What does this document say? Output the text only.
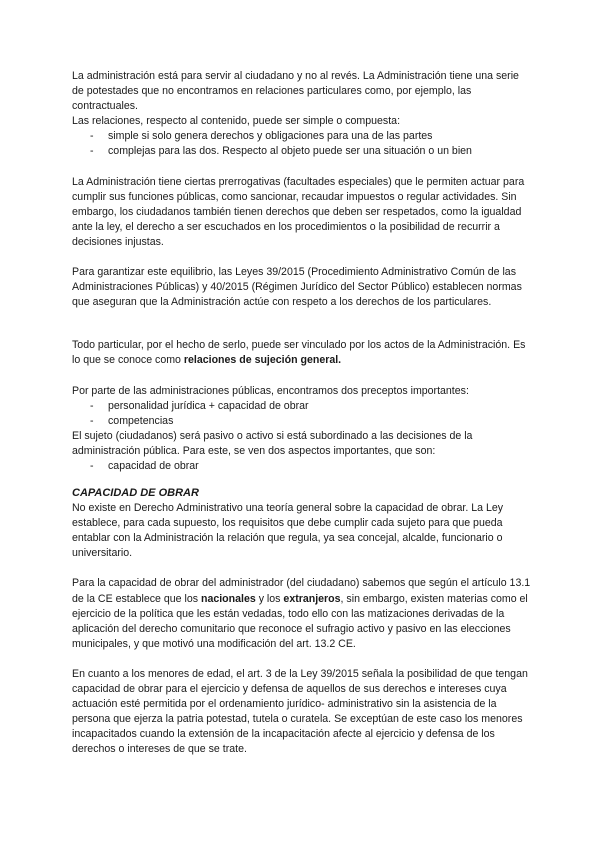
La administración está para servir al ciudadano y no al revés. La Administración tiene una serie de potestades que no encontramos en relaciones particulares como, por ejemplo, las contractuales.

Las relaciones, respecto al contenido, puede ser simple o compuesta:

- simple si solo genera derechos y obligaciones para una de las partes
- complejas para las dos. Respecto al objeto puede ser una situación o un bien

La Administración tiene ciertas prerrogativas (facultades especiales) que le permiten actuar para cumplir sus funciones públicas, como sancionar, recaudar impuestos o regular actividades. Sin embargo, los ciudadanos también tienen derechos que deben ser respetados, como la igualdad ante la ley, el derecho a ser escuchados en los procedimientos o la posibilidad de recurrir a decisiones injustas.

Para garantizar este equilibrio, las Leyes 39/2015 (Procedimiento Administrativo Común de las Administraciones Públicas) y 40/2015 (Régimen Jurídico del Sector Público) establecen normas que aseguran que la Administración actúe con respeto a los derechos de los particulares.

Todo particular, por el hecho de serlo, puede ser vinculado por los actos de la Administración. Es lo que se conoce como relaciones de sujeción general.

Por parte de las administraciones públicas, encontramos dos preceptos importantes:

- personalidad jurídica + capacidad de obrar
- competencias

El sujeto (ciudadanos) será pasivo o activo si está subordinado a las decisiones de la administración pública. Para este, se ven dos aspectos importantes, que son:

- capacidad de obrar

CAPACIDAD DE OBRAR

No existe en Derecho Administrativo una teoría general sobre la capacidad de obrar. La Ley establece, para cada supuesto, los requisitos que debe cumplir cada sujeto para que pueda entablar con la Administración la relación que regula, ya sea concejal, alcalde, funcionario o universitario.

Para la capacidad de obrar del administrador (del ciudadano) sabemos que según el artículo 13.1 de la CE establece que los nacionales y los extranjeros, sin embargo, existen materias como el ejercicio de la política que les están vedadas, todo ello con las matizaciones derivadas de la aplicación del derecho comunitario que reconoce el sufragio activo y pasivo en las elecciones municipales, y que motivó una modificación del art. 13.2 CE.

En cuanto a los menores de edad, el art. 3 de la Ley 39/2015 señala la posibilidad de que tengan capacidad de obrar para el ejercicio y defensa de aquellos de sus derechos e intereses cuya actuación esté permitida por el ordenamiento jurídico- administrativo sin la asistencia de la persona que ejerza la patria potestad, tutela o curatela. Se exceptúan de este caso los menores incapacitados cuando la extensión de la incapacitación afecte al ejercicio y defensa de los derechos o intereses de que se trate.
